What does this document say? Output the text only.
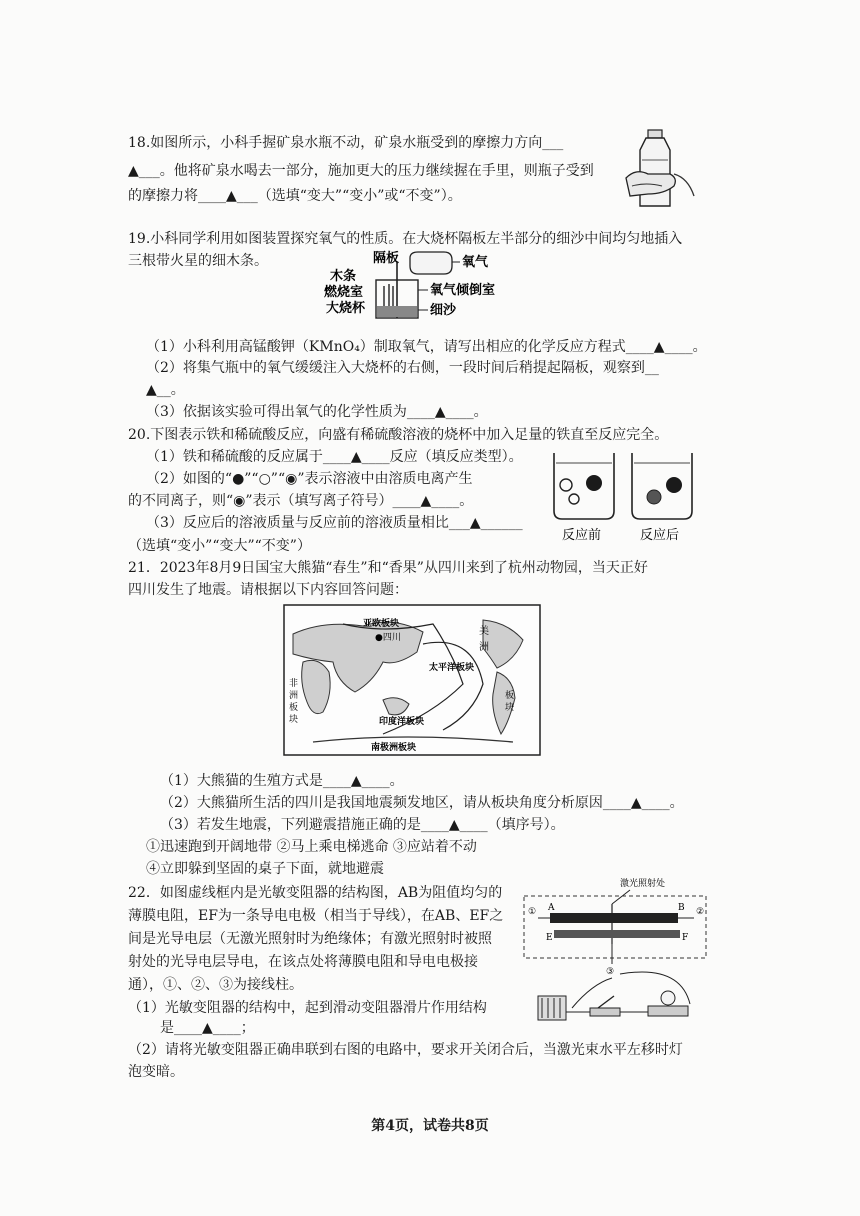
18.如图所示，小科手握矿泉水瓶不动，矿泉水瓶受到的摩擦力方向___
▲___。他将矿泉水喝去一部分，施加更大的压力继续握在手里，则瓶子受到
的摩擦力将____▲___（选填“变大”“变小”或“不变”）。
19.小科同学利用如图装置探究氧气的性质。在大烧杯隔板左半部分的细沙中间均匀地插入
三根带火星的细木条。	隔板	氧气
木条
燃烧室
大烧杯
氧气倾倒室
细沙
（1）小科利用高锰酸钾（KMnO₄）制取氧气，请写出相应的化学反应方程式____▲____。
（2）将集气瓶中的氧气缓缓注入大烧杯的右侧，一段时间后稍提起隔板，观察到__
▲__。
（3）依据该实验可得出氧气的化学性质为____▲____。
20.下图表示铁和稀硫酸反应，向盛有稀硫酸溶液的烧杯中加入足量的铁直至反应完全。
（1）铁和稀硫酸的反应属于____▲____反应（填反应类型）。
（2）如图的“●”“○”“◉”表示溶液中由溶质电离产生
的不同离子，则“◉”表示（填写离子符号）____▲____。
（3）反应后的溶液质量与反应前的溶液质量相比___▲______
（选填“变小”“变大”“不变”）
反应前	反应后
21．2023年8月9日国宝大熊猫“春生”和“香果”从四川来到了杭州动物园，当天正好
四川发生了地震。请根据以下内容回答问题：
亚欧板块
●四川
太平洋板块
美
洲
印度洋板块
非
洲
板
块
板
块
南极洲板块
（1）大熊猫的生殖方式是____▲____。
（2）大熊猫所生活的四川是我国地震频发地区，请从板块角度分析原因____▲____。
（3）若发生地震，下列避震措施正确的是____▲____（填序号）。
①迅速跑到开阔地带 ②马上乘电梯逃命 ③应站着不动
④立即躲到坚固的桌子下面，就地避震
22．如图虚线框内是光敏变阻器的结构图，AB为阻值均匀的
薄膜电阻，EF为一条导电电极（相当于导线），在AB、EF之
间是光导电层（无激光照射时为绝缘体；有激光照射时被照
射处的光导电层导电，在该点处将薄膜电阻和导电电极接
通），①、②、③为接线柱。
（1）光敏变阻器的结构中，起到滑动变阻器滑片作用结构
是____▲____；
（2）请将光敏变阻器正确串联到右图的电路中，要求开关闭合后，当激光束水平左移时灯
泡变暗。
激光照射处
① A	B ②
E	F
③
第4页，试卷共8页
